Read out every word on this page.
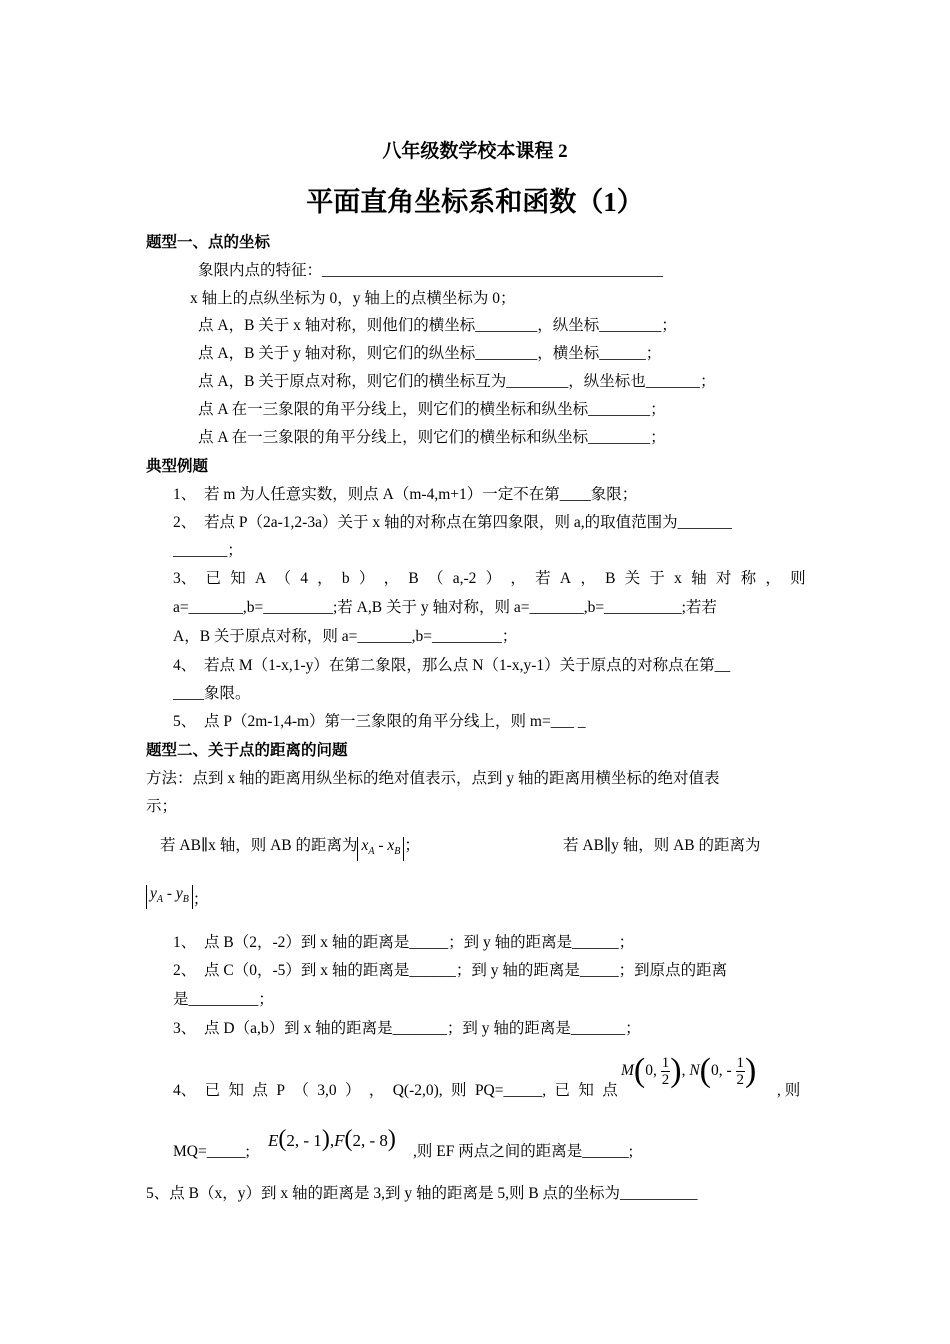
八年级数学校本课程 2
平面直角坐标系和函数（1）
题型一、点的坐标
象限内点的特征：____________________________________________
x 轴上的点纵坐标为 0，y 轴上的点横坐标为 0；
点 A，B 关于 x 轴对称，则他们的横坐标________，纵坐标________；
点 A，B 关于 y 轴对称，则它们的纵坐标________，横坐标______；
点 A，B 关于原点对称，则它们的横坐标互为________，纵坐标也_______；
点 A 在一三象限的角平分线上，则它们的横坐标和纵坐标________；
点 A 在一三象限的角平分线上，则它们的横坐标和纵坐标________；
典型例题
1、　若 m 为人任意实数，则点 A（m-4,m+1）一定不在第____象限；
2、　若点 P（2a-1,2-3a）关于 x 轴的对称点在第四象限，则 a,的取值范围为_______
_______；
3、 已 知 A （ 4 ， b ） ， B （ a,-2 ） ， 若 A ， B 关 于 x 轴 对 称 ， 则
a=_______,b=_________;若 A,B 关于 y 轴对称，则 a=_______,b=__________;若若
A，B 关于原点对称，则 a=_______,b=_________；
4、　若点 M（1-x,1-y）在第二象限，那么点 N（1-x,y-1）关于原点的对称点在第__
____象限。
5、　点 P（2m-1,4-m）第一三象限的角平分线上，则 m=___ _
题型二、关于点的距离的问题
方法：点到 x 轴的距离用纵坐标的绝对值表示，点到 y 轴的距离用横坐标的绝对值表
示；
若 AB∥x 轴，则 AB 的距离为 $x_A - x_B$ ；	若 AB∥y 轴，则 AB 的距离为
$y_A - y_B$ ；
1、　点 B（2，-2）到 x 轴的距离是_____；到 y 轴的距离是______；
2、　点 C（0，-5）到 x 轴的距离是______；到 y 轴的距离是_____；到原点的距离
是_________；
3、　点 D（a,b）到 x 轴的距离是_______；到 y 轴的距离是_______；
4、 已 知 点 P （ 3,0 ） ， Q(-2,0), 则 PQ=_____, 已 知 点
M ( 0, $\frac{1}{2}$ ) , N ( 0, - $\frac{1}{2}$ )
, 则
MQ=_____;
E(2, - 1),F(2, - 8) ,则 EF 两点之间的距离是______;
5、点 B（x，y）到 x 轴的距离是 3,到 y 轴的距离是 5,则 B 点的坐标为__________
